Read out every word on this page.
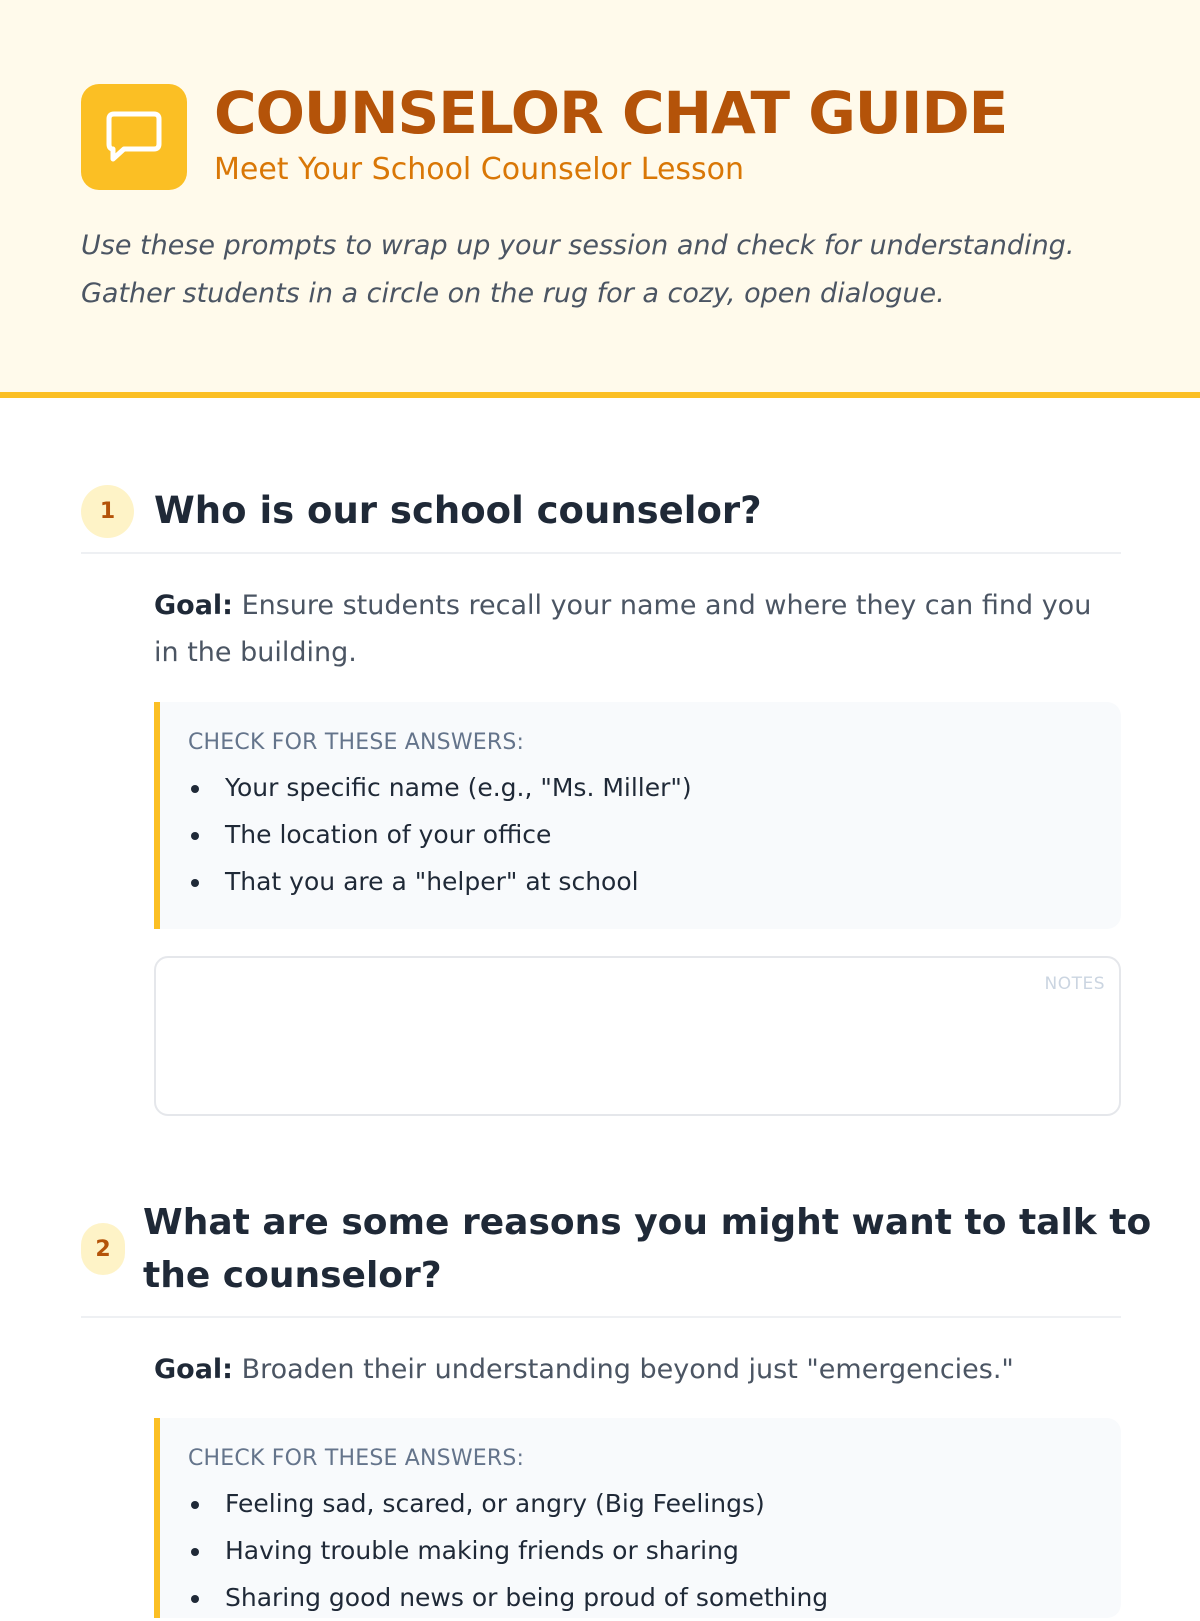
COUNSELOR CHAT GUIDE

Meet Your School Counselor Lesson

Use these prompts to wrap up your session and check for understanding.
Gather students in a circle on the rug for a cozy, open dialogue.

1	Who is our school counselor?

Goal: Ensure students recall your name and where they can find you in the building.

CHECK FOR THESE ANSWERS:

Your specific name (e.g., "Ms. Miller")
The location of your office
That you are a "helper" at school
NOTES
2
What are some reasons you might want to talk to
the counselor?

Goal: Broaden their understanding beyond just "emergencies."

CHECK FOR THESE ANSWERS:

Feeling sad, scared, or angry (Big Feelings)
Having trouble making friends or sharing
Sharing good news or being proud of something
